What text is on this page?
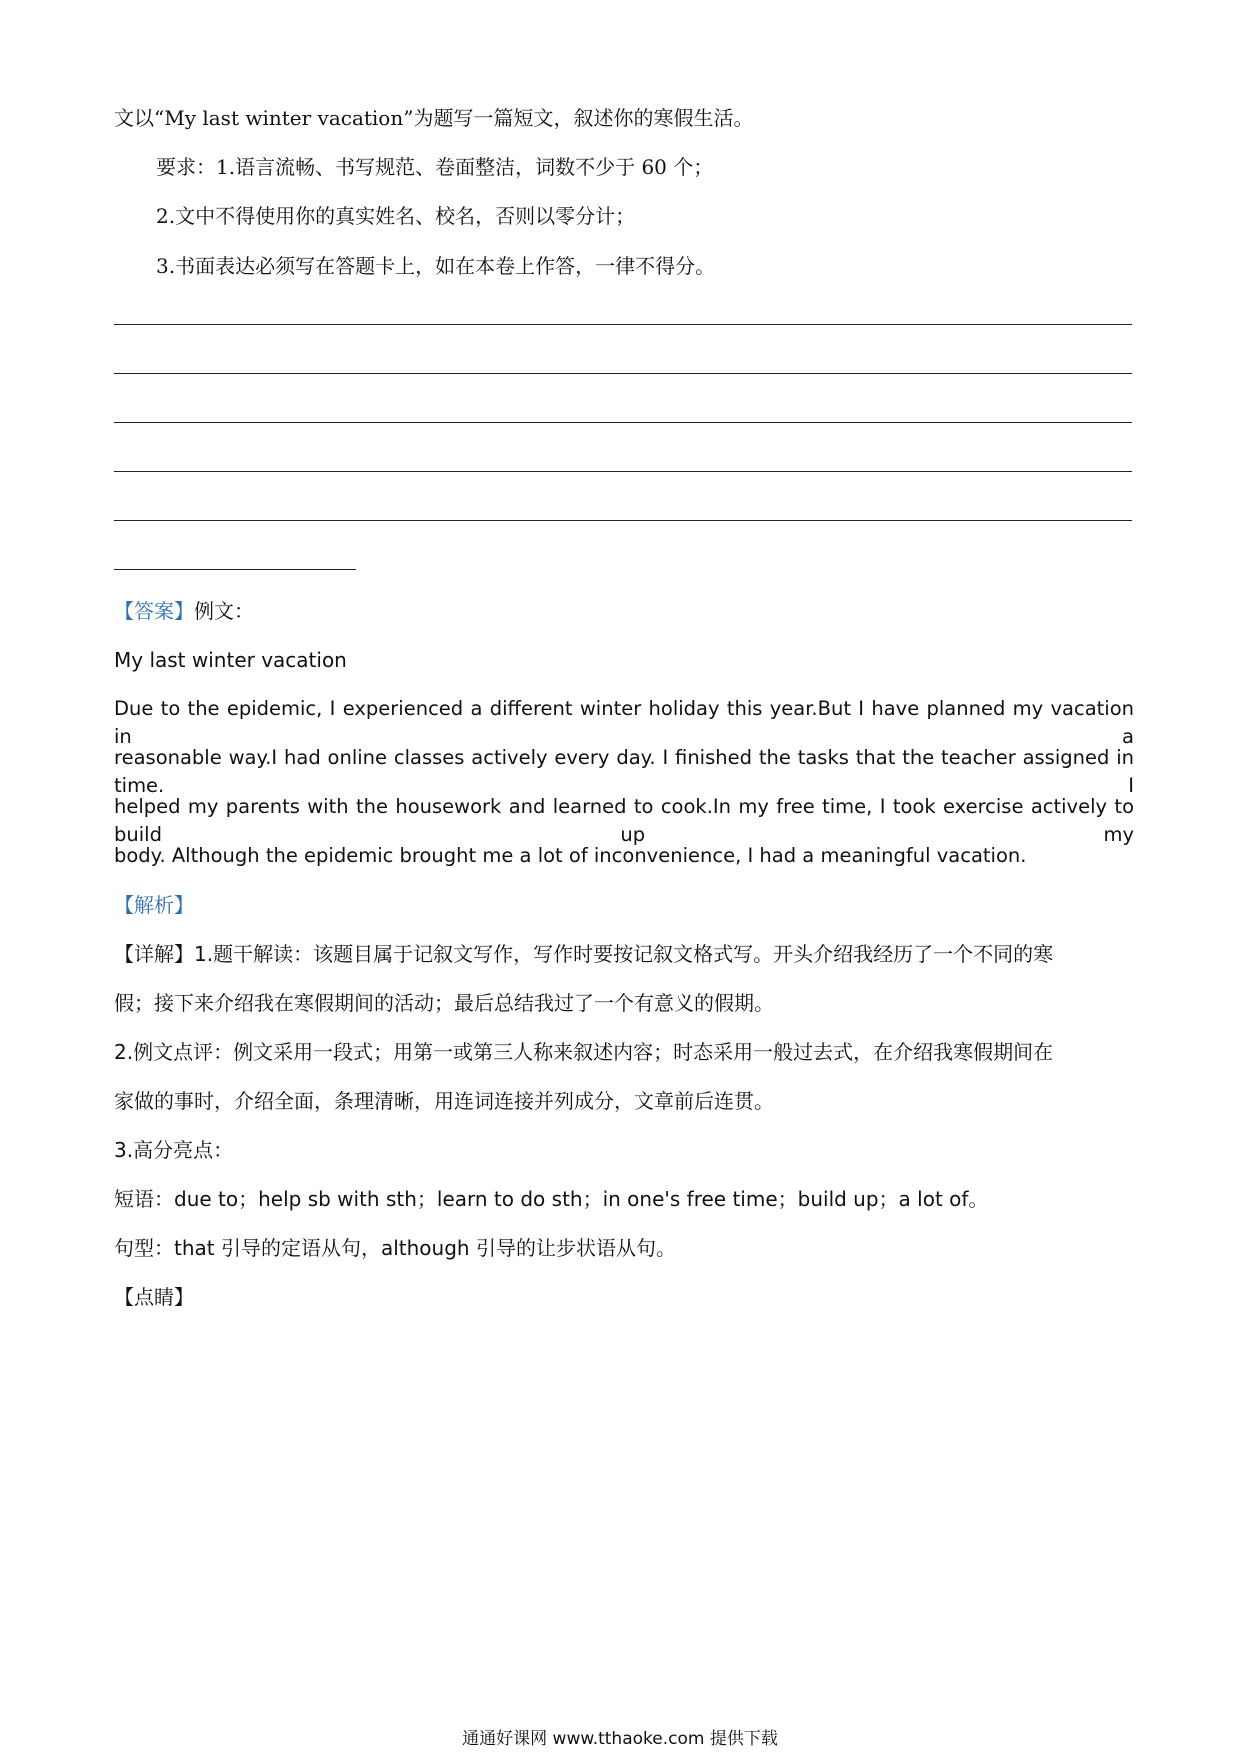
文以“My last winter vacation”为题写一篇短文，叙述你的寒假生活。
要求：1.语言流畅、书写规范、卷面整洁，词数不少于 60 个；
2.文中不得使用你的真实姓名、校名，否则以零分计；
3.书面表达必须写在答题卡上，如在本卷上作答，一律不得分。
【答案】例文：
My last winter vacation
Due to the epidemic, I experienced a different winter holiday this year.But I have planned my vacation in a
reasonable way.I had online classes actively every day. I finished the tasks that the teacher assigned in time. I
helped my parents with the housework and learned to cook.In my free time, I took exercise actively to build up my
body. Although the epidemic brought me a lot of inconvenience, I had a meaningful vacation.
【解析】
【详解】1.题干解读：该题目属于记叙文写作，写作时要按记叙文格式写。开头介绍我经历了一个不同的寒
假；接下来介绍我在寒假期间的活动；最后总结我过了一个有意义的假期。
2.例文点评：例文采用一段式；用第一或第三人称来叙述内容；时态采用一般过去式，在介绍我寒假期间在
家做的事时，介绍全面，条理清晰，用连词连接并列成分，文章前后连贯。
3.高分亮点：
短语：due to；help sb with sth；learn to do sth；in one's free time；build up；a lot of。
句型：that 引导的定语从句，although 引导的让步状语从句。
【点睛】
通通好课网 www.tthaoke.com 提供下载
